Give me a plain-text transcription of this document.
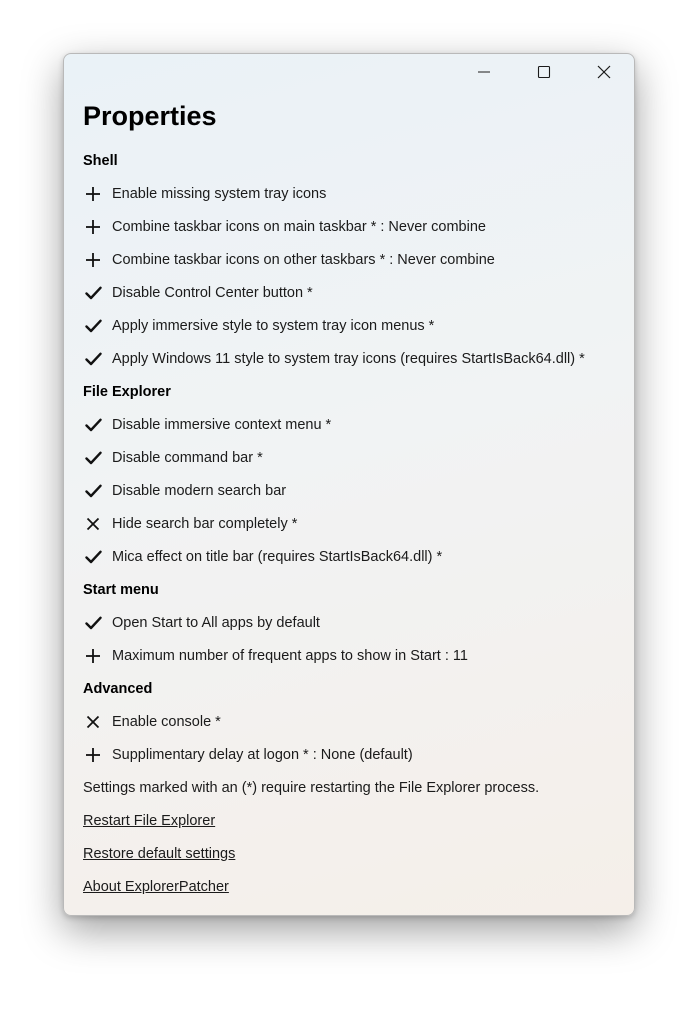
Properties
Shell
Enable missing system tray icons
Combine taskbar icons on main taskbar * : Never combine
Combine taskbar icons on other taskbars * : Never combine
Disable Control Center button *
Apply immersive style to system tray icon menus *
Apply Windows 11 style to system tray icons (requires StartIsBack64.dll) *
File Explorer
Disable immersive context menu *
Disable command bar *
Disable modern search bar
Hide search bar completely *
Mica effect on title bar (requires StartIsBack64.dll) *
Start menu
Open Start to All apps by default
Maximum number of frequent apps to show in Start : 11
Advanced
Enable console *
Supplimentary delay at logon * : None (default)
Settings marked with an (*) require restarting the File Explorer process.
Restart File Explorer
Restore default settings
About ExplorerPatcher
